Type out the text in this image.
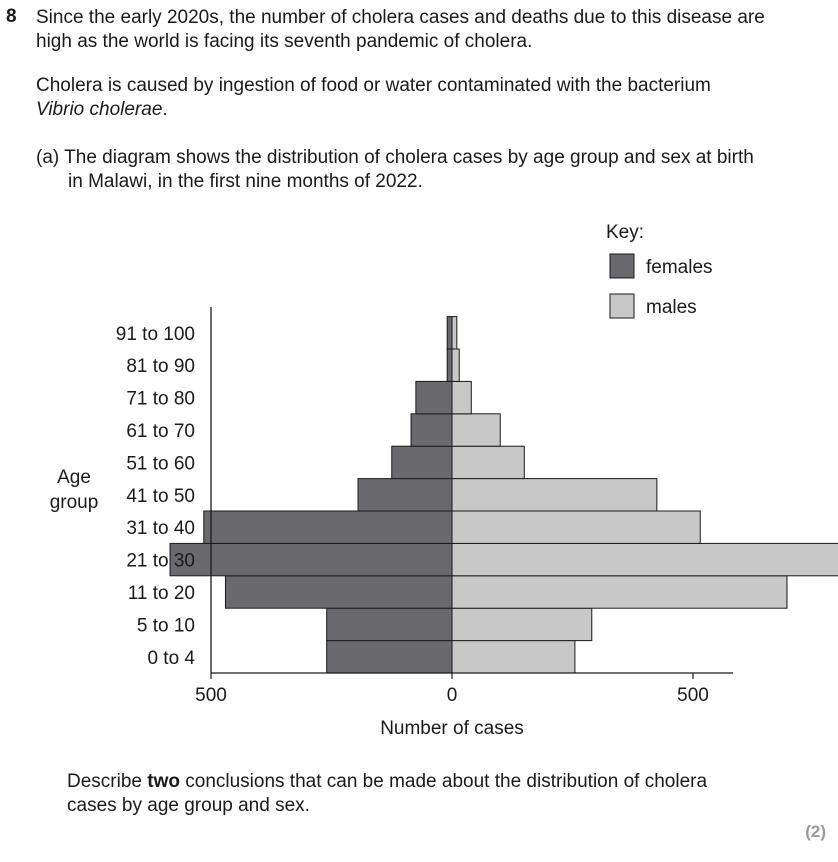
8 Since the early 2020s, the number of cholera cases and deaths due to this disease are
high as the world is facing its seventh pandemic of cholera.
Cholera is caused by ingestion of food or water contaminated with the bacterium
Vibrio cholerae.
(a) The diagram shows the distribution of cholera cases by age group and sex at birth
in Malawi, in the first nine months of 2022.
0 to 4
5 to 10
11 to 20
21 to 30
31 to 40
41 to 50
51 to 60
61 to 70
71 to 80
81 to 90
91 to 100
500	0	500
Age
group
Number of cases
Key:
females
males
Describe two conclusions that can be made about the distribution of cholera
cases by age group and sex.
(2)
